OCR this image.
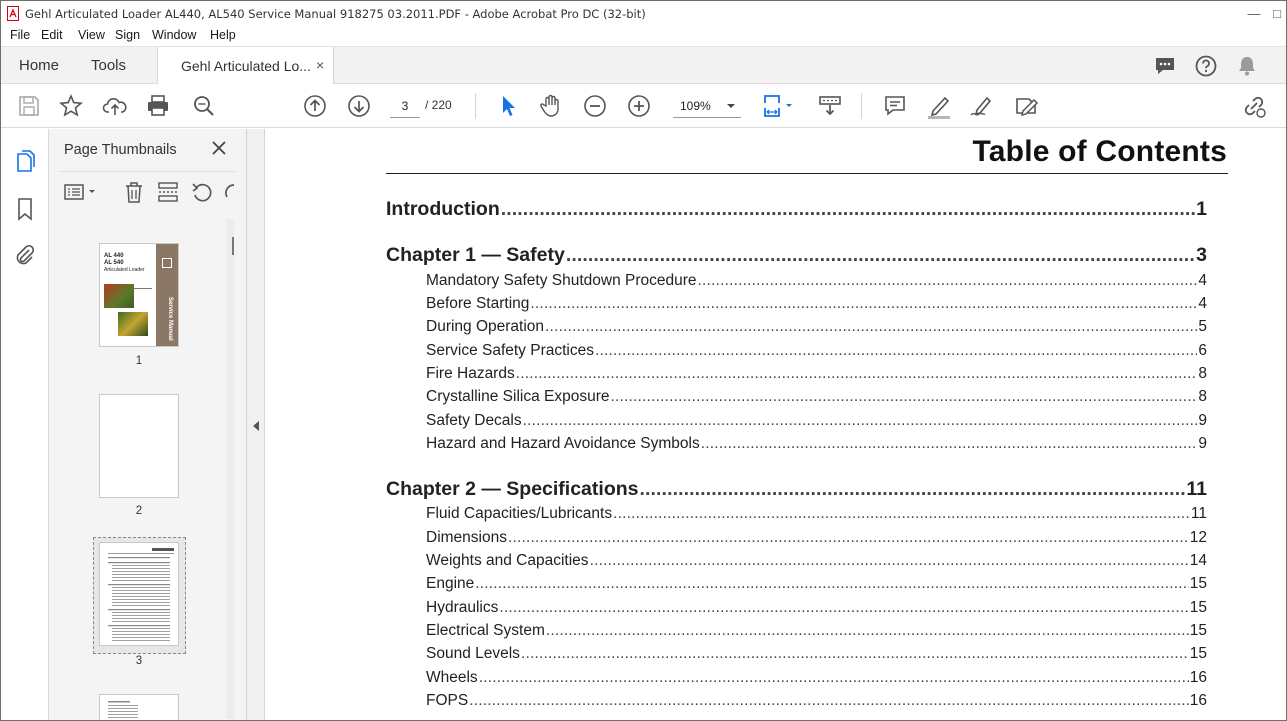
Gehl Articulated Loader AL440, AL540 Service Manual 918275 03.2011.PDF - Adobe Acrobat Pro DC (32-bit)	— □
File Edit View Sign Window Help
Home Tools	Gehl Articulated Lo... ×
3	/ 220	109%
Page Thumbnails
AL 440
AL 540
Articulated Loader
Service Manual
1
2
3
Table of Contents
Introduction .....	1
Chapter 1 — Safety .....	3
Mandatory Safety Shutdown Procedure .....	4
Before Starting .....	4
During Operation .....	5
Service Safety Practices .....	6
Fire Hazards .....	8
Crystalline Silica Exposure .....	8
Safety Decals .....	9
Hazard and Hazard Avoidance Symbols .....	9
Chapter 2 — Specifications .....	11
Fluid Capacities/Lubricants .....	11
Dimensions .....	12
Weights and Capacities .....	14
Engine .....	15
Hydraulics .....	15
Electrical System .....	15
Sound Levels .....	15
Wheels .....	16
FOPS .....	16
